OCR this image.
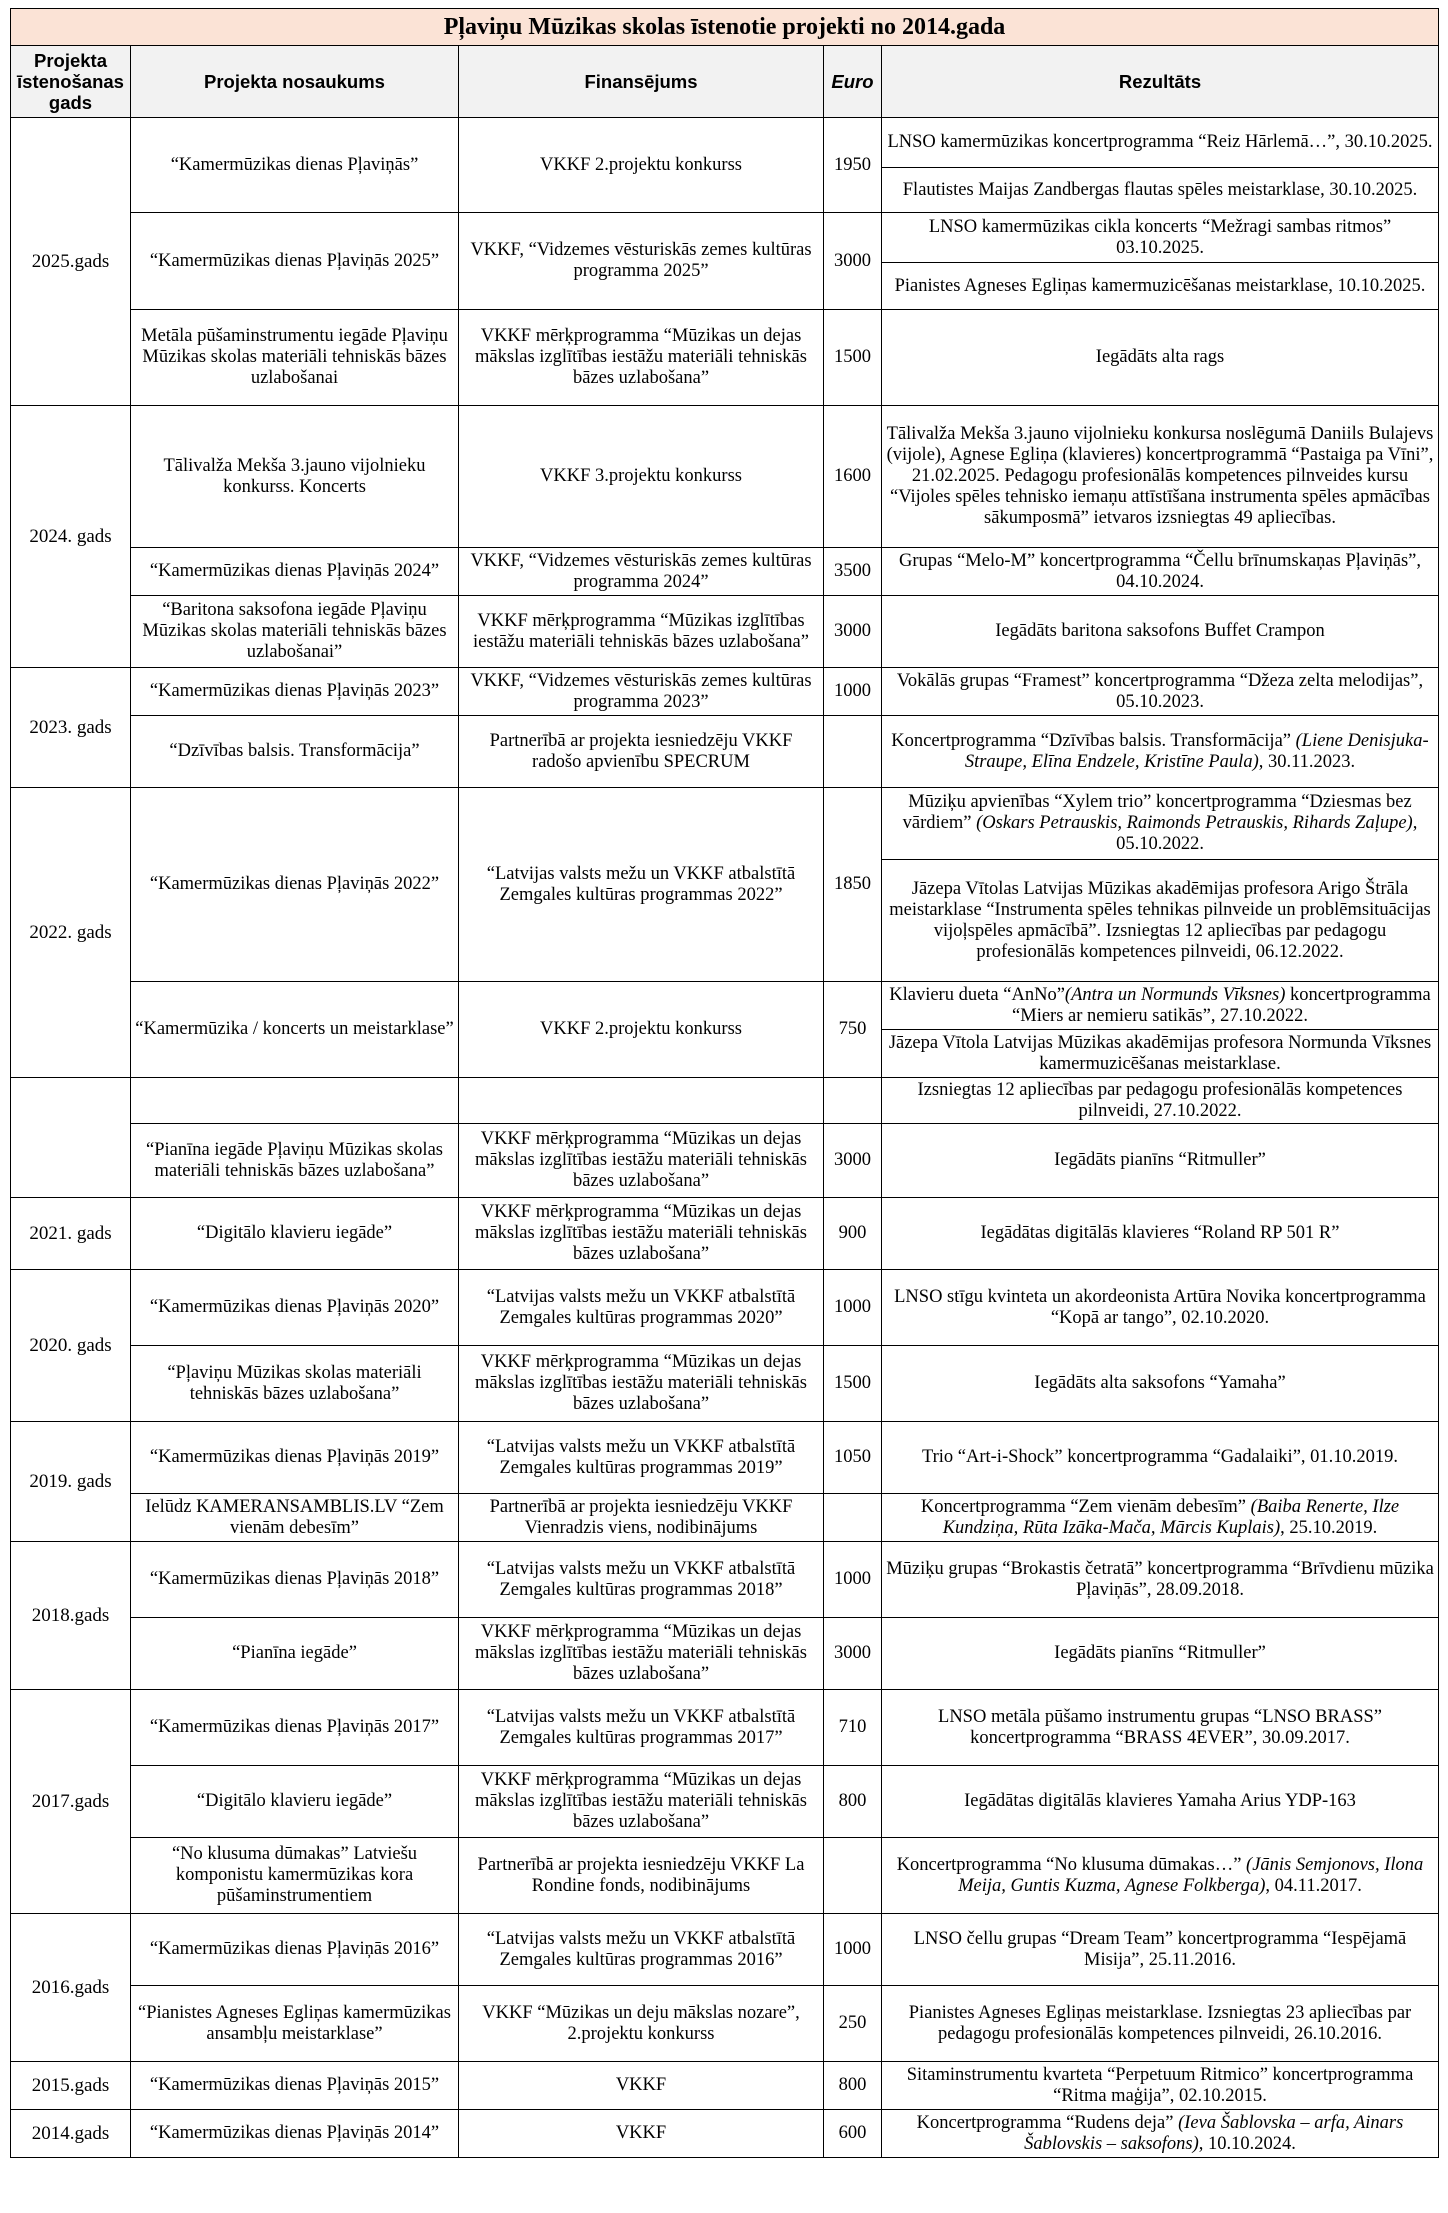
Pļaviņu Mūzikas skolas īstenotie projekti no 2014.gada				
Projekta īstenošanas gads	Projekta nosaukums	Finansējums	Euro	Rezultāts
2025.gads	“Kamermūzikas dienas Pļaviņās”	VKKF 2.projektu konkurss	1950	LNSO kamermūzikas koncertprogramma “Reiz Hārlemā…”, 30.10.2025.
				Flautistes Maijas Zandbergas flautas spēles meistarklase, 30.10.2025.
	“Kamermūzikas dienas Pļaviņās 2025”	VKKF, “Vidzemes vēsturiskās zemes kultūras programma 2025”	3000	LNSO kamermūzikas cikla koncerts “Mežragi sambas ritmos” 03.10.2025.
				Pianistes Agneses Egliņas kamermuzicēšanas meistarklase, 10.10.2025.
	Metāla pūšaminstrumentu iegāde Pļaviņu Mūzikas skolas materiāli tehniskās bāzes uzlabošanai	VKKF mērķprogramma “Mūzikas un dejas mākslas izglītības iestāžu materiāli tehniskās bāzes uzlabošana”	1500	Iegādāts alta rags

2024. gads	Tālivalža Mekša 3.jauno vijolnieku konkurss. Koncerts	VKKF 3.projektu konkurss	1600	Tālivalža Mekša 3.jauno vijolnieku konkursa noslēgumā Daniils Bulajevs (vijole), Agnese Egliņa (klavieres) koncertprogrammā “Pastaiga pa Vīni”, 21.02.2025. Pedagogu profesionālās kompetences pilnveides kursu “Vijoles spēles tehnisko iemaņu attīstīšana instrumenta spēles apmācības sākumposmā” ietvaros izsniegtas 49 apliecības.
	“Kamermūzikas dienas Pļaviņās 2024”	VKKF, “Vidzemes vēsturiskās zemes kultūras programma 2024”	3500	Grupas “Melo-M” koncertprogramma “Čellu brīnumskaņas Pļaviņās”, 04.10.2024.
	“Baritona saksofona iegāde Pļaviņu Mūzikas skolas materiāli tehniskās bāzes uzlabošanai”	VKKF mērķprogramma “Mūzikas izglītības iestāžu materiāli tehniskās bāzes uzlabošana”	3000	Iegādāts baritona saksofons Buffet Crampon
2023. gads	“Kamermūzikas dienas Pļaviņās 2023”	VKKF, “Vidzemes vēsturiskās zemes kultūras programma 2023”	1000	Vokālās grupas “Framest” koncertprogramma “Džeza zelta melodijas”, 05.10.2023.
	“Dzīvības balsis. Transformācija”	Partnerībā ar projekta iesniedzēju VKKF radošo apvienību SPECRUM		Koncertprogramma “Dzīvības balsis. Transformācija” (Liene Denisjuka-Straupe, Elīna Endzele, Kristīne Paula), 30.11.2023.
2022. gads	“Kamermūzikas dienas Pļaviņās 2022”	“Latvijas valsts mežu un VKKF atbalstītā Zemgales kultūras programmas 2022”	1850	Mūziķu apvienības “Xylem trio” koncertprogramma “Dziesmas bez vārdiem” (Oskars Petrauskis, Raimonds Petrauskis, Rihards Zaļupe), 05.10.2022.
				Jāzepa Vītolas Latvijas Mūzikas akadēmijas profesora Arigo Štrāla meistarklase “Instrumenta spēles tehnikas pilnveide un problēmsituācijas vijoļspēles apmācībā”. Izsniegtas 12 apliecības par pedagogu profesionālās kompetences pilnveidi, 06.12.2022.
	“Kamermūzika / koncerts un meistarklase”	VKKF 2.projektu konkurss	750	Klavieru dueta “AnNo”(Antra un Normunds Vīksnes) koncertprogramma “Miers ar nemieru satikās”, 27.10.2022.
				Jāzepa Vītola Latvijas Mūzikas akadēmijas profesora Normunda Vīksnes kamermuzicēšanas meistarklase.

				Izsniegtas 12 apliecības par pedagogu profesionālās kompetences pilnveidi, 27.10.2022.
	“Pianīna iegāde Pļaviņu Mūzikas skolas materiāli tehniskās bāzes uzlabošana”	VKKF mērķprogramma “Mūzikas un dejas mākslas izglītības iestāžu materiāli tehniskās bāzes uzlabošana”	3000	Iegādāts pianīns “Ritmuller”
2021. gads	“Digitālo klavieru iegāde”	VKKF mērķprogramma “Mūzikas un dejas mākslas izglītības iestāžu materiāli tehniskās bāzes uzlabošana”	900	Iegādātas digitālās klavieres “Roland RP 501 R”
2020. gads	“Kamermūzikas dienas Pļaviņās 2020”	“Latvijas valsts mežu un VKKF atbalstītā Zemgales kultūras programmas 2020”	1000	LNSO stīgu kvinteta un akordeonista Artūra Novika koncertprogramma “Kopā ar tango”, 02.10.2020.
	“Pļaviņu Mūzikas skolas materiāli tehniskās bāzes uzlabošana”	VKKF mērķprogramma “Mūzikas un dejas mākslas izglītības iestāžu materiāli tehniskās bāzes uzlabošana”	1500	Iegādāts alta saksofons “Yamaha”
2019. gads	“Kamermūzikas dienas Pļaviņās 2019”	“Latvijas valsts mežu un VKKF atbalstītā Zemgales kultūras programmas 2019”	1050	Trio “Art-i-Shock” koncertprogramma “Gadalaiki”, 01.10.2019.
	Ielūdz KAMERANSAMBLIS.LV “Zem vienām debesīm”	Partnerībā ar projekta iesniedzēju VKKF Vienradzis viens, nodibinājums		Koncertprogramma “Zem vienām debesīm” (Baiba Renerte, Ilze Kundziņa, Rūta Izāka-Mača, Mārcis Kuplais), 25.10.2019.
2018.gads	“Kamermūzikas dienas Pļaviņās 2018”	“Latvijas valsts mežu un VKKF atbalstītā Zemgales kultūras programmas 2018”	1000	Mūziķu grupas “Brokastis četratā” koncertprogramma “Brīvdienu mūzika Pļaviņās”, 28.09.2018.
	“Pianīna iegāde”	VKKF mērķprogramma “Mūzikas un dejas mākslas izglītības iestāžu materiāli tehniskās bāzes uzlabošana”	3000	Iegādāts pianīns “Ritmuller”
2017.gads	“Kamermūzikas dienas Pļaviņās 2017”	“Latvijas valsts mežu un VKKF atbalstītā Zemgales kultūras programmas 2017”	710	LNSO metāla pūšamo instrumentu grupas “LNSO BRASS” koncertprogramma “BRASS 4EVER”, 30.09.2017.
	“Digitālo klavieru iegāde”	VKKF mērķprogramma “Mūzikas un dejas mākslas izglītības iestāžu materiāli tehniskās bāzes uzlabošana”	800	Iegādātas digitālās klavieres Yamaha Arius YDP-163
	“No klusuma dūmakas” Latviešu komponistu kamermūzikas kora pūšaminstrumentiem	Partnerībā ar projekta iesniedzēju VKKF La Rondine fonds, nodibinājums		Koncertprogramma “No klusuma dūmakas…” (Jānis Semjonovs, Ilona Meija, Guntis Kuzma, Agnese Folkberga), 04.11.2017.
2016.gads	“Kamermūzikas dienas Pļaviņās 2016”	“Latvijas valsts mežu un VKKF atbalstītā Zemgales kultūras programmas 2016”	1000	LNSO čellu grupas “Dream Team” koncertprogramma “Iespējamā Misija”, 25.11.2016.
	“Pianistes Agneses Egliņas kamermūzikas ansambļu meistarklase”	VKKF “Mūzikas un deju mākslas nozare”, 2.projektu konkurss	250	Pianistes Agneses Egliņas meistarklase. Izsniegtas 23 apliecības par pedagogu profesionālās kompetences pilnveidi, 26.10.2016.
2015.gads	“Kamermūzikas dienas Pļaviņās 2015”	VKKF	800	Sitaminstrumentu kvarteta “Perpetuum Ritmico” koncertprogramma “Ritma maģija”, 02.10.2015.
2014.gads	“Kamermūzikas dienas Pļaviņās 2014”	VKKF	600	Koncertprogramma “Rudens deja” (Ieva Šablovska – arfa, Ainars Šablovskis – saksofons), 10.10.2024.
